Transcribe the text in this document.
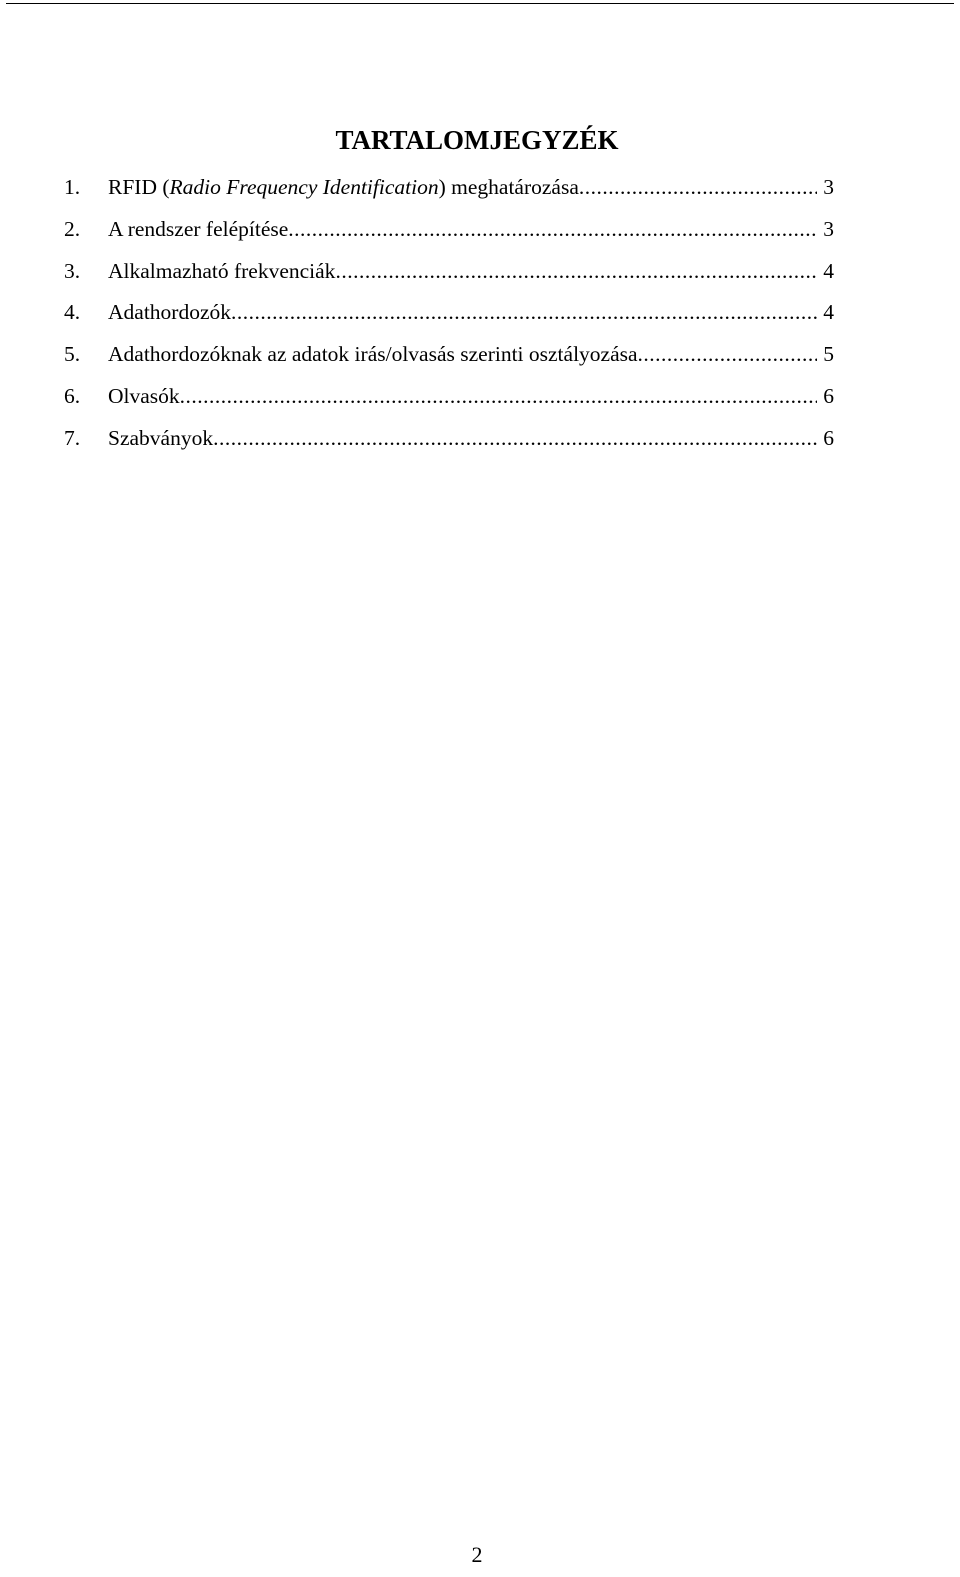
TARTALOMJEGYZÉK
1.	RFID (Radio Frequency Identification) meghatározása .....	3
2.	A rendszer felépítése .....	3
3.	Alkalmazható frekvenciák .....	4
4.	Adathordozók .....	4
5.	Adathordozóknak az adatok irás/olvasás szerinti osztályozása .....	5
6.	Olvasók .....	6
7.	Szabványok .....	6
2
